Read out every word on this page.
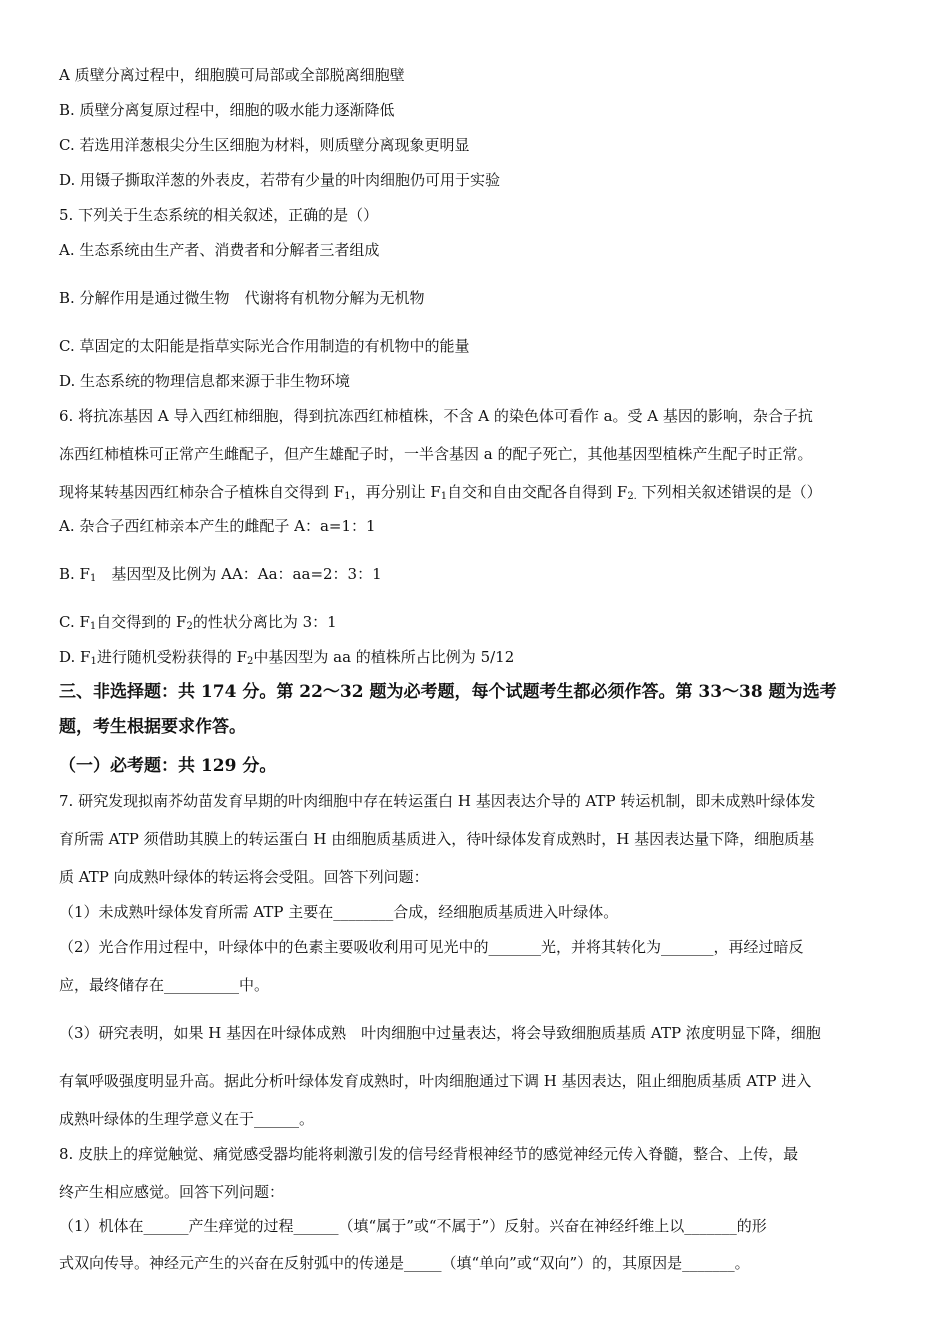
A 质壁分离过程中，细胞膜可局部或全部脱离细胞壁
B. 质壁分离复原过程中，细胞的吸水能力逐渐降低
C. 若选用洋葱根尖分生区细胞为材料，则质壁分离现象更明显
D. 用镊子撕取洋葱的外表皮，若带有少量的叶肉细胞仍可用于实验
5. 下列关于生态系统的相关叙述，正确的是（）
A. 生态系统由生产者、消费者和分解者三者组成
B. 分解作用是通过微生物　代谢将有机物分解为无机物
C. 草固定的太阳能是指草实际光合作用制造的有机物中的能量
D. 生态系统的物理信息都来源于非生物环境
6. 将抗冻基因 A 导入西红柿细胞，得到抗冻西红柿植株，不含 A 的染色体可看作 a。受 A 基因的影响，杂合子抗
冻西红柿植株可正常产生雌配子，但产生雄配子时，一半含基因 a 的配子死亡，其他基因型植株产生配子时正常。
现将某转基因西红柿杂合子植株自交得到 $F_1$，再分别让 $F_1$自交和自由交配各自得到 $F_{2.}$ 下列相关叙述错误的是（）
A. 杂合子西红柿亲本产生的雌配子 A：a=1：1
B. $F_1$　基因型及比例为 AA：Aa：aa=2：3：1
C. $F_1$自交得到的 $F_2$的性状分离比为 3：1
D. $F_1$进行随机受粉获得的 $F_2$中基因型为 aa 的植株所占比例为 5/12
三、非选择题：共 174 分。第 22～32 题为必考题，每个试题考生都必须作答。第 33～38 题为选考
题，考生根据要求作答。
（一）必考题：共 129 分。
7. 研究发现拟南芥幼苗发育早期的叶肉细胞中存在转运蛋白 H 基因表达介导的 ATP 转运机制，即未成熟叶绿体发
育所需 ATP 须借助其膜上的转运蛋白 H 由细胞质基质进入，待叶绿体发育成熟时，H 基因表达量下降，细胞质基
质 ATP 向成熟叶绿体的转运将会受阻。回答下列问题：
（1）未成熟叶绿体发育所需 ATP 主要在________合成，经细胞质基质进入叶绿体。
（2）光合作用过程中，叶绿体中的色素主要吸收利用可见光中的_______光，并将其转化为_______，再经过暗反
应，最终储存在__________中。
（3）研究表明，如果 H 基因在叶绿体成熟　叶肉细胞中过量表达，将会导致细胞质基质 ATP 浓度明显下降，细胞
有氧呼吸强度明显升高。据此分析叶绿体发育成熟时，叶肉细胞通过下调 H 基因表达，阻止细胞质基质 ATP 进入
成熟叶绿体的生理学意义在于______。
8. 皮肤上的痒觉触觉、痛觉感受器均能将刺激引发的信号经背根神经节的感觉神经元传入脊髓，整合、上传，最
终产生相应感觉。回答下列问题：
（1）机体在______产生痒觉的过程______（填“属于”或“不属于”）反射。兴奋在神经纤维上以_______的形
式双向传导。神经元产生的兴奋在反射弧中的传递是_____（填“单向”或“双向”）的，其原因是_______。
